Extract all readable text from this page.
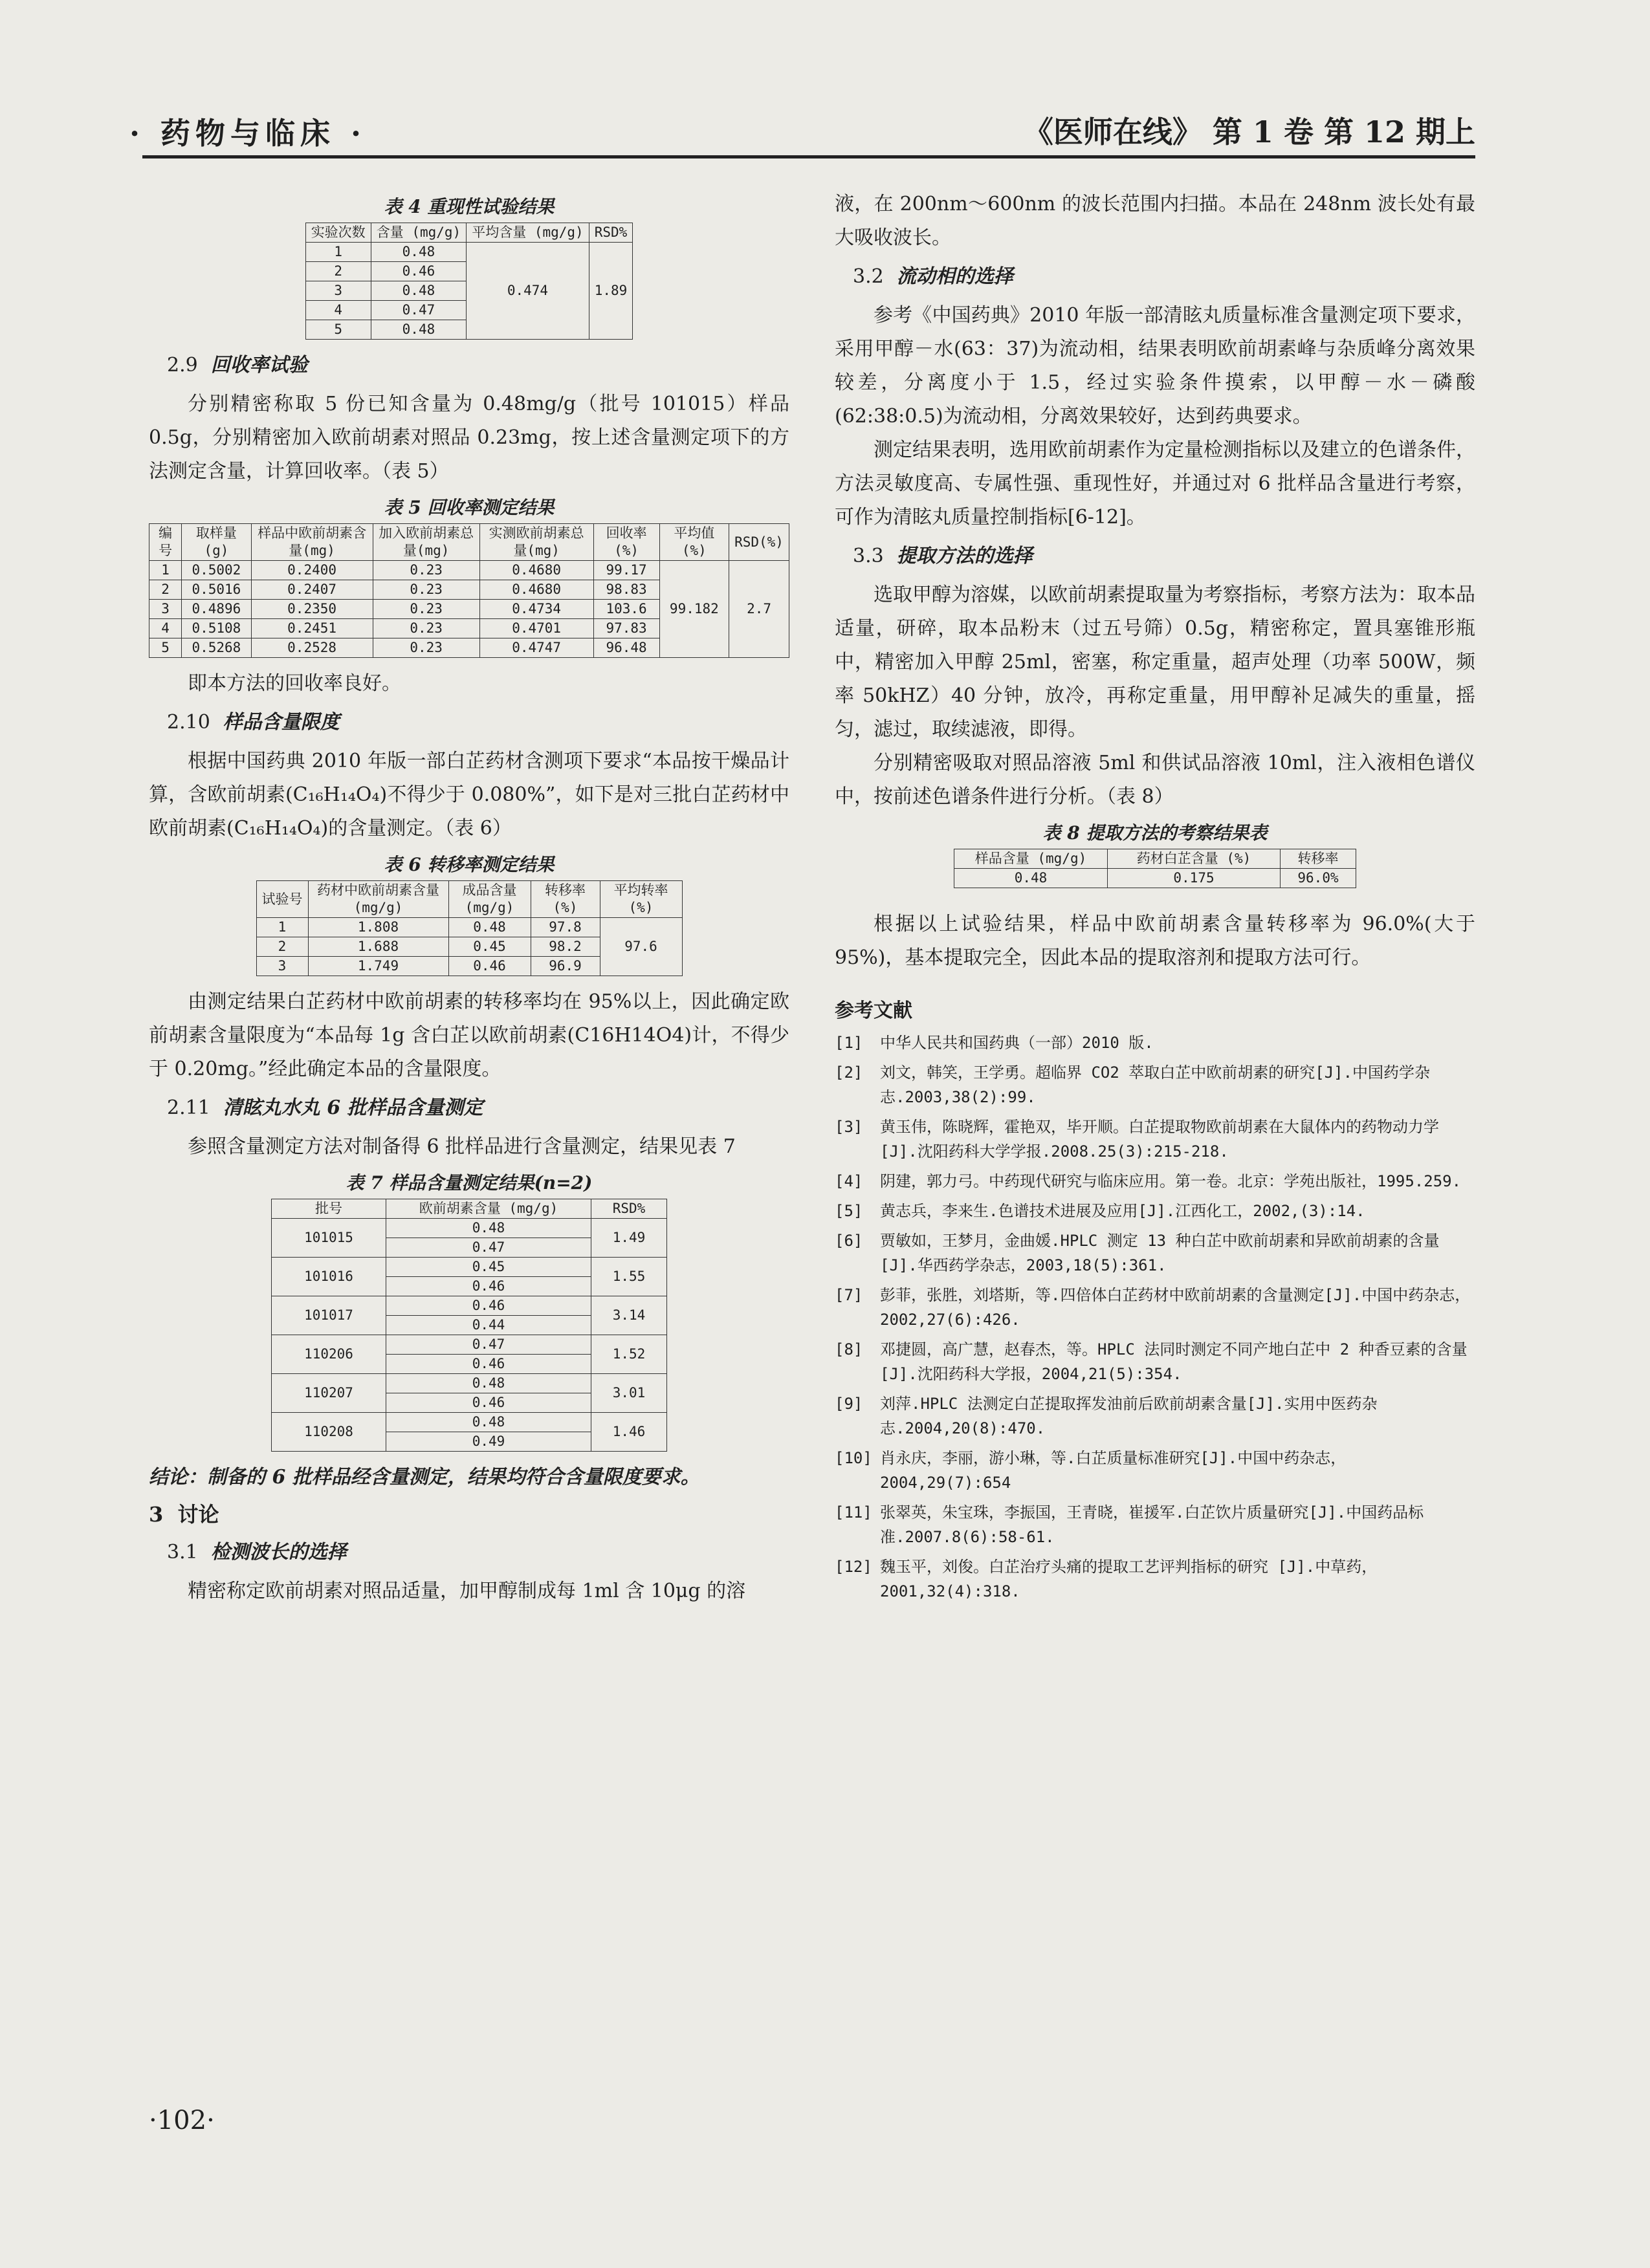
· 药物与临床 ·	《医师在线》 第 1 卷 第 12 期上
表 4 重现性试验结果
实验次数	含量 (mg/g)	平均含量 (mg/g)	RSD%
1	0.48	0.474	1.89
2	0.46		
3	0.48		
4	0.47		
5	0.48		
2.9 回收率试验

分别精密称取 5 份已知含量为 0.48mg/g（批号 101015）样品 0.5g，分别精密加入欧前胡素对照品 0.23mg，按上述含量测定项下的方法测定含量，计算回收率。（表 5）

表 5 回收率测定结果
编号	取样量(g)	样品中欧前胡素含量(mg)	加入欧前胡素总量(mg)	实测欧前胡素总量(mg)	回收率(%)	平均值(%)	RSD(%)
1	0.5002	0.2400	0.23	0.4680	99.17	99.182	2.7
2	0.5016	0.2407	0.23	0.4680	98.83		
3	0.4896	0.2350	0.23	0.4734	103.6		
4	0.5108	0.2451	0.23	0.4701	97.83		
5	0.5268	0.2528	0.23	0.4747	96.48		

即本方法的回收率良好。

2.10 样品含量限度

根据中国药典 2010 年版一部白芷药材含测项下要求“本品按干燥品计算，含欧前胡素(C₁₆H₁₄O₄)不得少于 0.080%”，如下是对三批白芷药材中欧前胡素(C₁₆H₁₄O₄)的含量测定。（表 6）

表 6 转移率测定结果
试验号	药材中欧前胡素含量(mg/g)	成品含量(mg/g)	转移率(%)	平均转率(%)
1	1.808	0.48	97.8	97.6
2	1.688	0.45	98.2	
3	1.749	0.46	96.9	

由测定结果白芷药材中欧前胡素的转移率均在 95%以上，因此确定欧前胡素含量限度为“本品每 1g 含白芷以欧前胡素(C16H14O4)计，不得少于 0.20mg。”经此确定本品的含量限度。

2.11 清眩丸水丸 6 批样品含量测定

参照含量测定方法对制备得 6 批样品进行含量测定，结果见表 7

表 7 样品含量测定结果(n=2)
批号	欧前胡素含量 (mg/g)	RSD%
101015	0.48	1.49
	0.47	
101016	0.45	1.55
	0.46	
101017	0.46	3.14
	0.44	
110206	0.47	1.52
	0.46	
110207	0.48	3.01
	0.46	
110208	0.48	1.46
	0.49	
结论：制备的 6 批样品经含量测定，结果均符合含量限度要求。
3 讨论
3.1 检测波长的选择

精密称定欧前胡素对照品适量，加甲醇制成每 1ml 含 10μg 的溶

液，在 200nm～600nm 的波长范围内扫描。本品在 248nm 波长处有最大吸收波长。

3.2 流动相的选择

参考《中国药典》2010 年版一部清眩丸质量标准含量测定项下要求，采用甲醇－水(63：37)为流动相，结果表明欧前胡素峰与杂质峰分离效果较差，分离度小于 1.5，经过实验条件摸索，以甲醇－水－磷酸(62:38:0.5)为流动相，分离效果较好，达到药典要求。

测定结果表明，选用欧前胡素作为定量检测指标以及建立的色谱条件，方法灵敏度高、专属性强、重现性好，并通过对 6 批样品含量进行考察，可作为清眩丸质量控制指标[6-12]。

3.3 提取方法的选择

选取甲醇为溶媒，以欧前胡素提取量为考察指标，考察方法为：取本品适量，研碎，取本品粉末（过五号筛）0.5g，精密称定，置具塞锥形瓶中，精密加入甲醇 25ml，密塞，称定重量，超声处理（功率 500W，频率 50kHZ）40 分钟，放冷，再称定重量，用甲醇补足减失的重量，摇匀，滤过，取续滤液，即得。

分别精密吸取对照品溶液 5ml 和供试品溶液 10ml，注入液相色谱仪中，按前述色谱条件进行分析。（表 8）

表 8 提取方法的考察结果表
样品含量 (mg/g)	药材白芷含量 (%)	转移率
0.48	0.175	96.0%

根据以上试验结果，样品中欧前胡素含量转移率为 96.0%(大于 95%)，基本提取完全，因此本品的提取溶剂和提取方法可行。

参考文献
[1]	中华人民共和国药典（一部）2010 版.
[2]	刘文，韩笑，王学勇。超临界 CO2 萃取白芷中欧前胡素的研究[J].中国药学杂志.2003,38(2):99.
[3]	黄玉伟，陈晓辉，霍艳双，毕开顺。白芷提取物欧前胡素在大鼠体内的药物动力学[J].沈阳药科大学学报.2008.25(3):215-218.
[4]	阴建，郭力弓。中药现代研究与临床应用。第一卷。北京：学苑出版社，1995.259.
[5]	黄志兵，李来生.色谱技术进展及应用[J].江西化工，2002,(3):14.
[6]	贾敏如，王梦月，金曲媛.HPLC 测定 13 种白芷中欧前胡素和异欧前胡素的含量[J].华西药学杂志，2003,18(5):361.
[7]	彭菲，张胜，刘塔斯，等.四倍体白芷药材中欧前胡素的含量测定[J].中国中药杂志，2002,27(6):426.
[8]	邓捷圆，高广慧，赵春杰，等。HPLC 法同时测定不同产地白芷中 2 种香豆素的含量[J].沈阳药科大学报，2004,21(5):354.
[9]	刘萍.HPLC 法测定白芷提取挥发油前后欧前胡素含量[J].实用中医药杂志.2004,20(8):470.
[10] 肖永庆，李丽，游小琳，等.白芷质量标准研究[J].中国中药杂志，2004,29(7):654
[11] 张翠英，朱宝珠，李振国，王青晓，崔援军.白芷饮片质量研究[J].中国药品标准.2007.8(6):58-61.
[12] 魏玉平，刘俊。白芷治疗头痛的提取工艺评判指标的研究 [J].中草药，2001,32(4):318.
·102·
